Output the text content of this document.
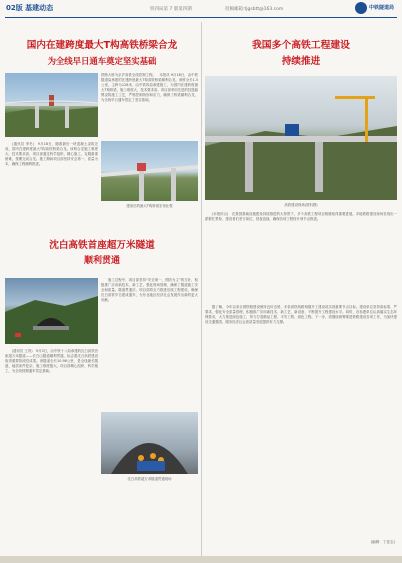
02版 基建动态	铁四局第 7 版第四期	投稿邮箱:tjgsbtt@163.com	中铁隧道局
国内在建跨度最大T构高铁桥梁合龙
为全线早日通车奠定坚实基础

铁路大桥为京沪高铁全线控制工程。　本报讯 9月18日，由中铁隧道局承建的在建跨度最大T构高铁桥梁顺利合龙。该桥全长1.5公里，主跨为128米，由中铁四局承建施工，为国内在建跨度最大T构桥梁，施工难度大，技术要求高。项目部采用先进的挂篮悬臂浇筑施工工艺，严格控制线形和应力，确保了桥梁顺利合龙，为全线早日通车奠定了坚实基础。

　　(通讯员 李冬)　9月18日，随着最后一块混凝土浇筑完成，国内在建跨度最大T构高铁桥梁合龙。该桥合龙施工难度大、技术要求高，项目部通过科学组织、精心施工，克服重重困难，按期完成合龙。施工期间项目部坚持安全第一、质量为本，确保工程顺利推进。

建成后的最大T构桥梁宏伟壮观

沈白高铁首座超万米隧道
顺利贯通

　　(通讯员 王青)　9月3日，由中铁十八局承建的沈白高铁首座超万米隧道——长白山隧道顺利贯通，标志着沈白高铁建设取得重要阶段性成果。该隧道全长10.98公里，是全线最长隧道，地质条件复杂，施工难度极大。项目部精心组织、科学施工，为全线按期通车奠定基础。

　　施工过程中，项目部坚持“安全第一、预防为主”的方针，积极推广应用新技术、新工艺，强化现场管理，确保了隧道施工安全和质量。隧道贯通后，项目部将全力推进后续工程建设，确保沈白高铁早日建成通车，为东北地区经济社会发展作出新的更大贡献。

沈白高铁超万米隧道贯通现场

我国多个高铁工程建设
持续推进

高铁建设现场(资料图)

　　(本报综合)　在我国基础设施建设持续推进的大背景下，多个高铁工程项目相继取得重要进展。多地铁路建设现场呈现出一派繁忙景象，建设者们坚守岗位、昼夜奋战，确保各项工程按计划节点推进。

　　据了解，今年以来全国铁路建设保持良好态势，多条高铁线路相继开工建设或实现重要节点目标。建设单位坚持高标准、严要求，强化安全质量管理，积极推广应用新技术、新工艺、新设备，不断提升工程建设水平。同时，各参建单位认真落实生态环保要求，大力推进绿色施工，努力打造精品工程、平安工程、绿色工程。下一步，将继续统筹推进铁路建设各项工作，为加快建设交通强国、服务经济社会高质量发展提供有力支撑。

(编辑：丁佳宝)
